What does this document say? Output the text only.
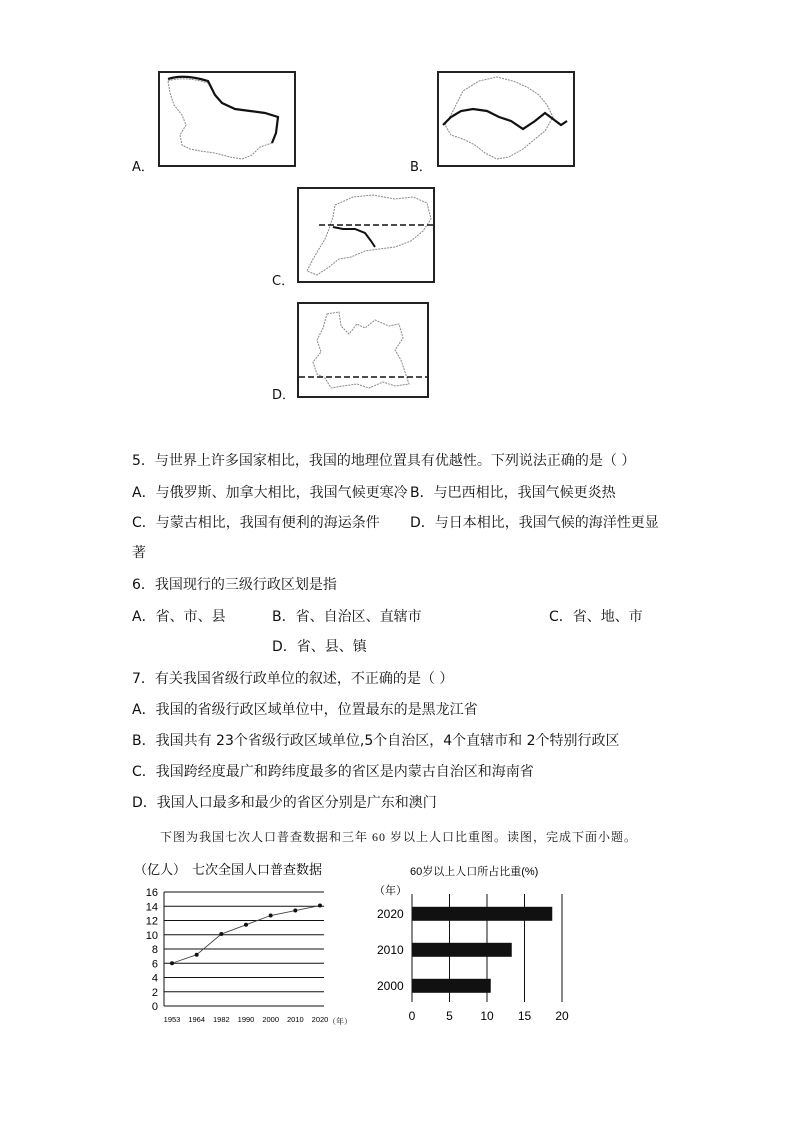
A．	B．
C．
D．
5．与世界上许多国家相比，我国的地理位置具有优越性。下列说法正确的是（ ）
A．与俄罗斯、加拿大相比，我国气候更寒冷 B．与巴西相比，我国气候更炎热
C．与蒙古相比，我国有便利的海运条件 D．与日本相比，我国气候的海洋性更显
著
6．我国现行的三级行政区划是指
A．省、市、县	B．省、自治区、直辖市	C．省、地、市
D．省、县、镇
7．有关我国省级行政单位的叙述，不正确的是（ ）
A．我国的省级行政区域单位中，位置最东的是黑龙江省
B．我国共有 23个省级行政区域单位,5个自治区，4个直辖市和 2个特别行政区
C．我国跨经度最广和跨纬度最多的省区是内蒙古自治区和海南省
D．我国人口最多和最少的省区分别是广东和澳门
下图为我国七次人口普查数据和三年 60 岁以上人口比重图。读图，完成下面小题。
（亿人） 七次全国人口普查数据
0
2
4
6
8
10
12
14
16
1953 1964 1982 1990 2000 2010 2020 （年）
60岁以上人口所占比重(%)
（年）
2020
2010
2000
0	5 10 15 20
